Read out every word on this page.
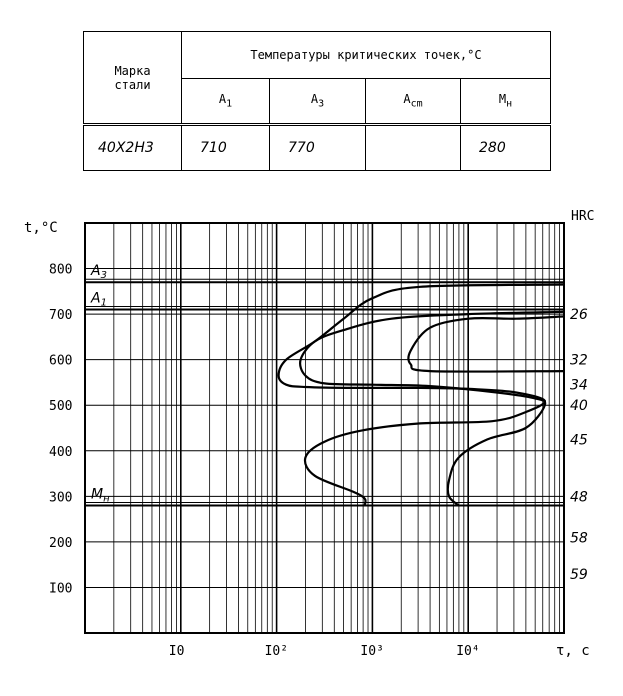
Марка
стали	Температуры критических точек,°С			
	$A_1$	$A_3$	$A_{cm}$	$M_н$
40X2H3	710	770		280
I00
200
300
400
500
600
700
800
I0	I0²	I0³	I0⁴
26
32
34
40
45
48
58
59
$A_3$
$A_1$
$M_н$
t,°C
HRC
τ, с
